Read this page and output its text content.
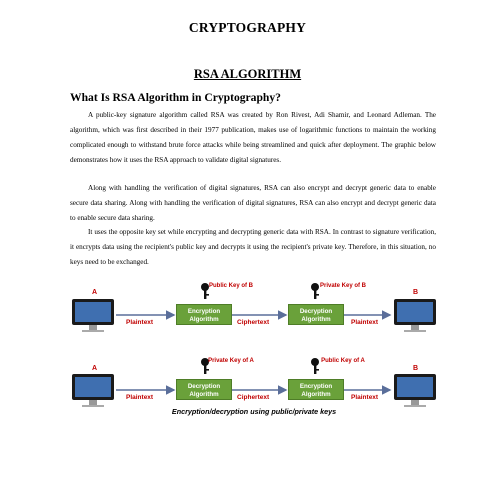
CRYPTOGRAPHY
RSA ALGORITHM
What Is RSA Algorithm in Cryptography?
A public-key signature algorithm called RSA was created by Ron Rivest, Adi Shamir, and Leonard Adleman. The algorithm, which was first described in their 1977 publication, makes use of logarithmic functions to maintain the working complicated enough to withstand brute force attacks while being streamlined and quick after deployment. The graphic below demonstrates how it uses the RSA approach to validate digital signatures.
Along with handling the verification of digital signatures, RSA can also encrypt and decrypt generic data to enable secure data sharing. Along with handling the verification of digital signatures, RSA can also encrypt and decrypt generic data to enable secure data sharing.
It uses the opposite key set while encrypting and decrypting generic data with RSA. In contrast to signature verification, it encrypts data using the recipient's public key and decrypts it using the recipient's private key. Therefore, in this situation, no keys need to be exchanged.
A	B
Plaintext
Encryption Algorithm
Public Key of B
Ciphertext
Decryption Algorithm
Private Key of B
Plaintext
A	B
Plaintext
Decryption Algorithm
Private Key of A
Ciphertext
Encryption Algorithm
Public Key of A
Plaintext
Encryption/decryption using public/private keys
